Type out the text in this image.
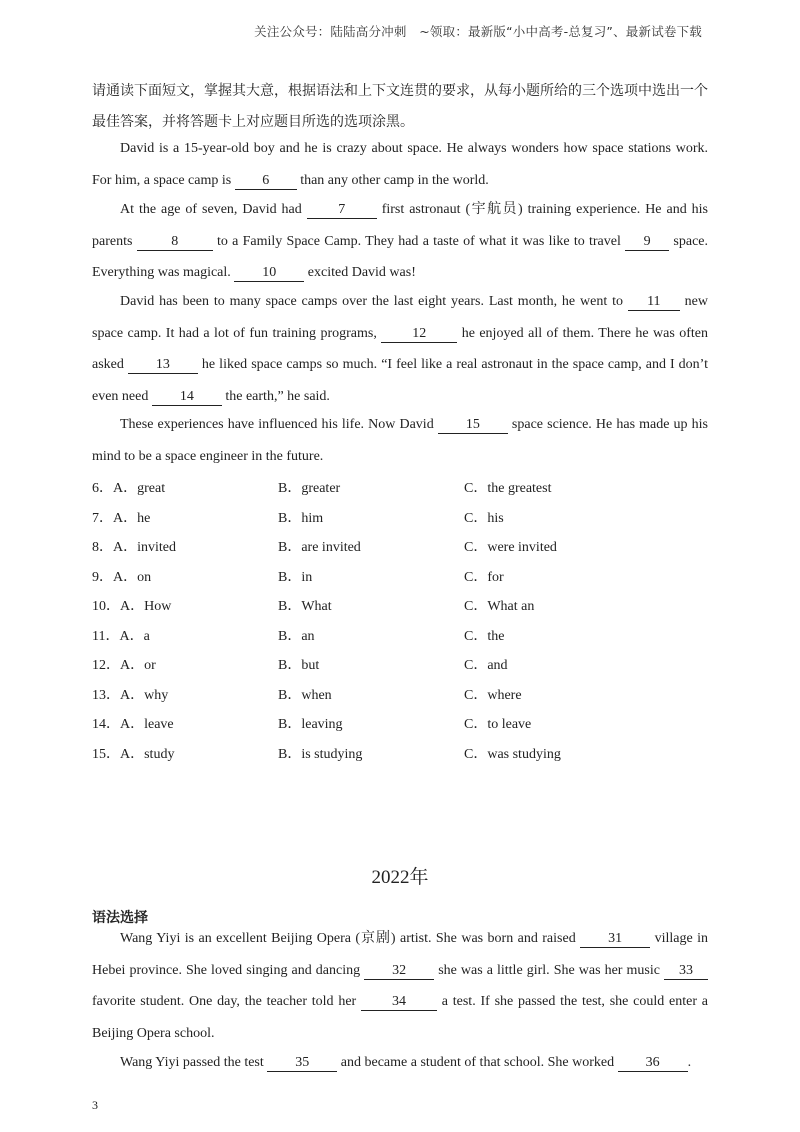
关注公众号：陆陆高分冲刺　~领取：最新版“小中高考-总复习”、最新试卷下载
请通读下面短文，掌握其大意，根据语法和上下文连贯的要求，从每小题所给的三个选项中选出一个最佳答案，并将答题卡上对应题目所选的选项涂黑。
David is a 15-year-old boy and he is crazy about space. He always wonders how space stations work. For him, a space camp is 6 than any other camp in the world.
At the age of seven, David had 7 first astronaut (宇航员) training experience. He and his parents 8 to a Family Space Camp. They had a taste of what it was like to travel 9 space. Everything was magical. 10 excited David was!
David has been to many space camps over the last eight years. Last month, he went to 11 new space camp. It had a lot of fun training programs, 12 he enjoyed all of them. There he was often asked 13 he liked space camps so much. “I feel like a real astronaut in the space camp, and I don’t even need 14 the earth,” he said.
These experiences have influenced his life. Now David 15 space science. He has made up his mind to be a space engineer in the future.
6．A．great	B．greater	C．the greatest
7．A．he	B．him	C．his
8．A．invited	B．are invited	C．were invited
9．A．on	B．in	C．for
10．A．How	B．What	C．What an
11．A．a	B．an	C．the
12．A．or	B．but	C．and
13．A．why	B．when	C．where
14．A．leave	B．leaving	C．to leave
15．A．study	B．is studying	C．was studying
2022年
语法选择
Wang Yiyi is an excellent Beijing Opera (京剧) artist. She was born and raised 31 village in Hebei province. She loved singing and dancing 32 she was a little girl. She was her music 33 favorite student. One day, the teacher told her 34 a test. If she passed the test, she could enter a Beijing Opera school.
Wang Yiyi passed the test 35 and became a student of that school. She worked 36 .
3
